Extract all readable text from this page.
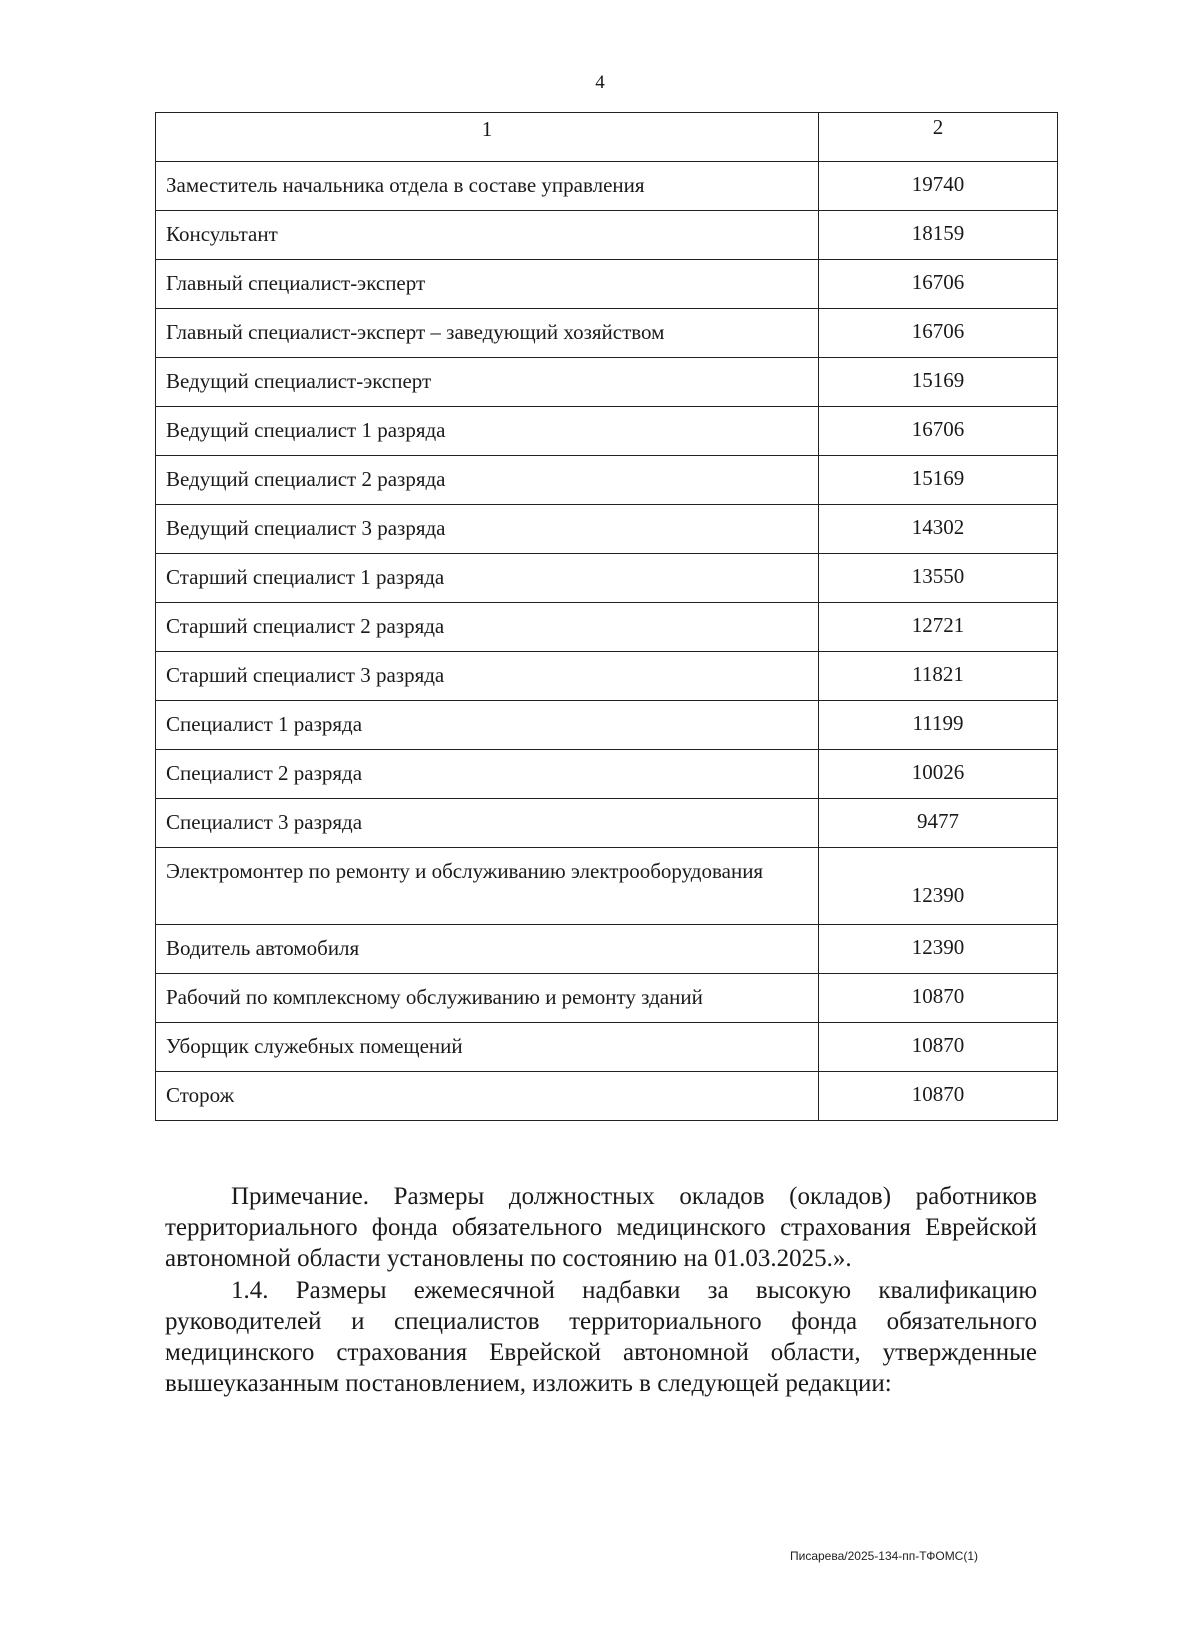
4
1	2
Заместитель начальника отдела в составе управления	19740
Консультант	18159
Главный специалист-эксперт	16706
Главный специалист-эксперт – заведующий хозяйством	16706
Ведущий специалист-эксперт	15169
Ведущий специалист 1 разряда	16706
Ведущий специалист 2 разряда	15169
Ведущий специалист 3 разряда	14302
Старший специалист 1 разряда	13550
Старший специалист 2 разряда	12721
Старший специалист 3 разряда	11821
Специалист 1 разряда	11199
Специалист 2 разряда	10026
Специалист 3 разряда	9477
Электромонтер по ремонту и обслуживанию электрооборудования	12390
Водитель автомобиля	12390
Рабочий по комплексному обслуживанию и ремонту зданий	10870
Уборщик служебных помещений	10870
Сторож	10870

Примечание. Размеры должностных окладов (окладов) работников территориального фонда обязательного медицинского страхования Еврейской автономной области установлены по состоянию на 01.03.2025.».

1.4. Размеры ежемесячной надбавки за высокую квалификацию руководителей и специалистов территориального фонда обязательного медицинского страхования Еврейской автономной области, утвержденные вышеуказанным постановлением, изложить в следующей редакции:

Писарева/2025-134-пп-ТФОМС(1)
